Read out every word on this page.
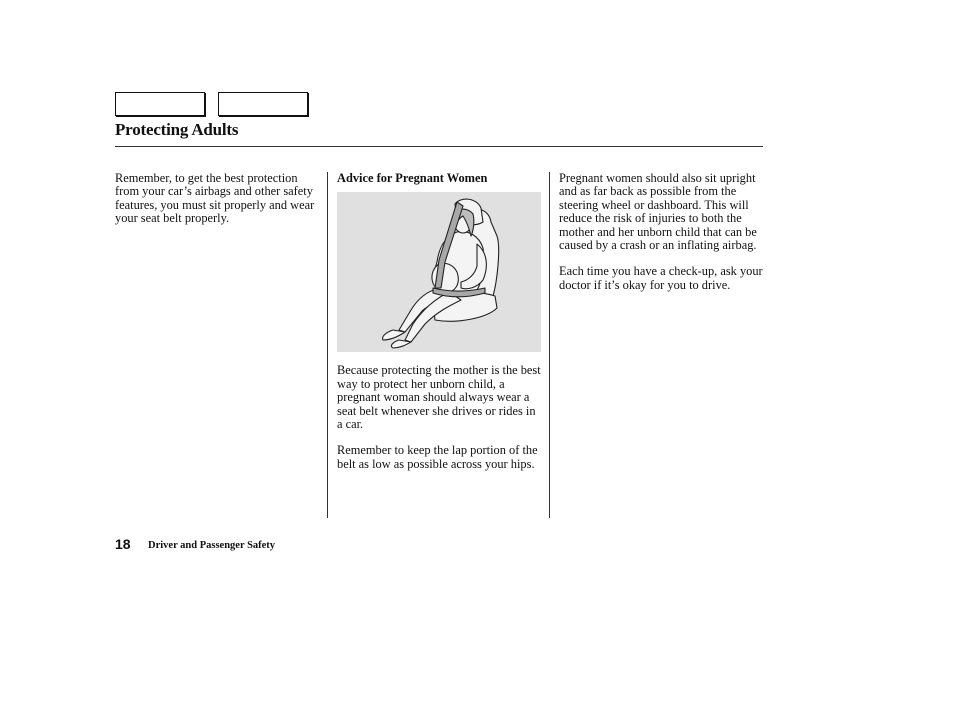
Protecting Adults

Remember, to get the best protection from your car’s airbags and other safety features, you must sit properly and wear your seat belt properly.

Advice for Pregnant Women

Because protecting the mother is the best way to protect her unborn child, a pregnant woman should always wear a seat belt whenever she drives or rides in a car.

Remember to keep the lap portion of the belt as low as possible across your hips.

Pregnant women should also sit upright and as far back as possible from the steering wheel or dashboard. This will reduce the risk of injuries to both the mother and her unborn child that can be caused by a crash or an inflating airbag.

Each time you have a check-up, ask your doctor if it’s okay for you to drive.

18 Driver and Passenger Safety
